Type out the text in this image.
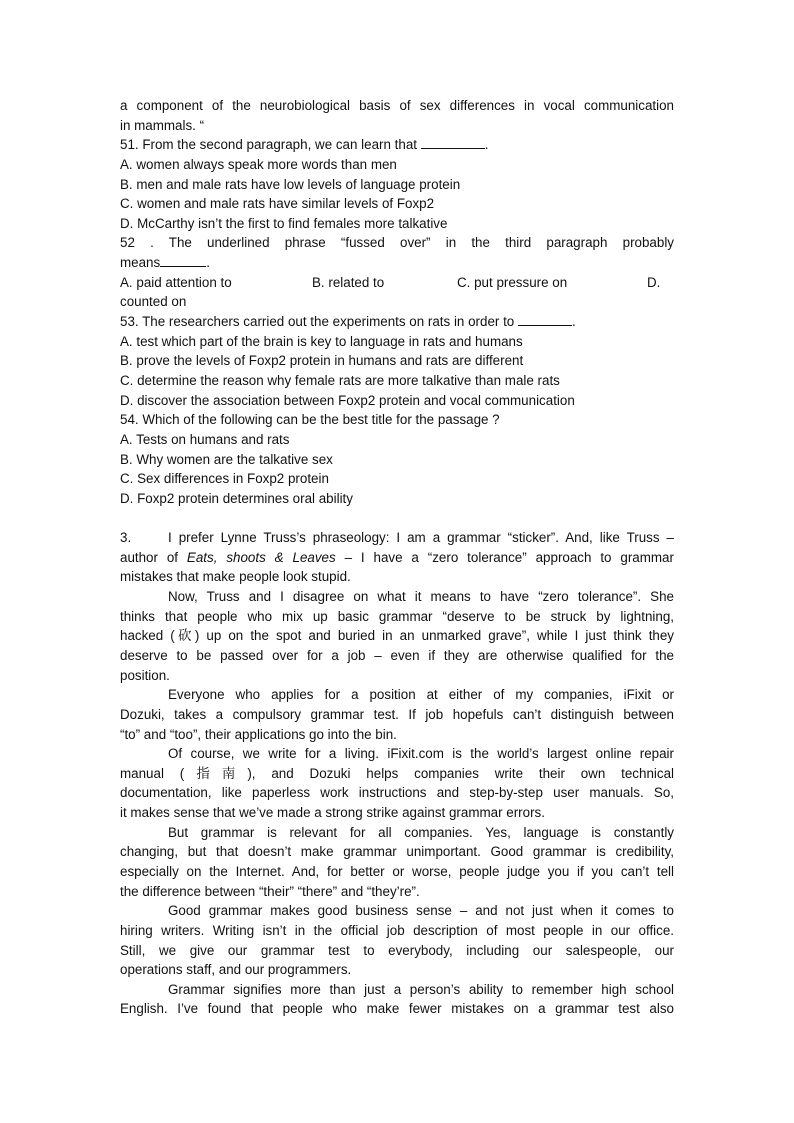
a component of the neurobiological basis of sex differences in vocal communication
in mammals. “
51. From the second paragraph, we can learn that	.
A. women always speak more words than men
B. men and male rats have low levels of language protein
C. women and male rats have similar levels of Foxp2
D. McCarthy isn’t the first to find females more talkative
52 . The underlined phrase “fussed over” in the third paragraph probably
means	.
A. paid attention to	B. related to	C. put pressure on	D.
counted on
53. The researchers carried out the experiments on rats in order to	.
A. test which part of the brain is key to language in rats and humans
B. prove the levels of Foxp2 protein in humans and rats are different
C. determine the reason why female rats are more talkative than male rats
D. discover the association between Foxp2 protein and vocal communication
54. Which of the following can be the best title for the passage ?
A. Tests on humans and rats
B. Why women are the talkative sex
C. Sex differences in Foxp2 protein
D. Foxp2 protein determines oral ability
3.	I prefer Lynne Truss’s phraseology: I am a grammar “sticker”. And, like Truss –
author of Eats, shoots & Leaves – I have a “zero tolerance” approach to grammar
mistakes that make people look stupid.
Now, Truss and I disagree on what it means to have “zero tolerance”. She
thinks that people who mix up basic grammar “deserve to be struck by lightning,
hacked (砍) up on the spot and buried in an unmarked grave”, while I just think they
deserve to be passed over for a job – even if they are otherwise qualified for the
position.
Everyone who applies for a position at either of my companies, iFixit or
Dozuki, takes a compulsory grammar test. If job hopefuls can’t distinguish between
“to” and “too”, their applications go into the bin.
Of course, we write for a living. iFixit.com is the world’s largest online repair
manual (指南), and Dozuki helps companies write their own technical
documentation, like paperless work instructions and step-by-step user manuals. So,
it makes sense that we’ve made a strong strike against grammar errors.
But grammar is relevant for all companies. Yes, language is constantly
changing, but that doesn’t make grammar unimportant. Good grammar is credibility,
especially on the Internet. And, for better or worse, people judge you if you can’t tell
the difference between “their” “there” and “they’re”.
Good grammar makes good business sense – and not just when it comes to
hiring writers. Writing isn’t in the official job description of most people in our office.
Still, we give our grammar test to everybody, including our salespeople, our
operations staff, and our programmers.
Grammar signifies more than just a person’s ability to remember high school
English. I’ve found that people who make fewer mistakes on a grammar test also
